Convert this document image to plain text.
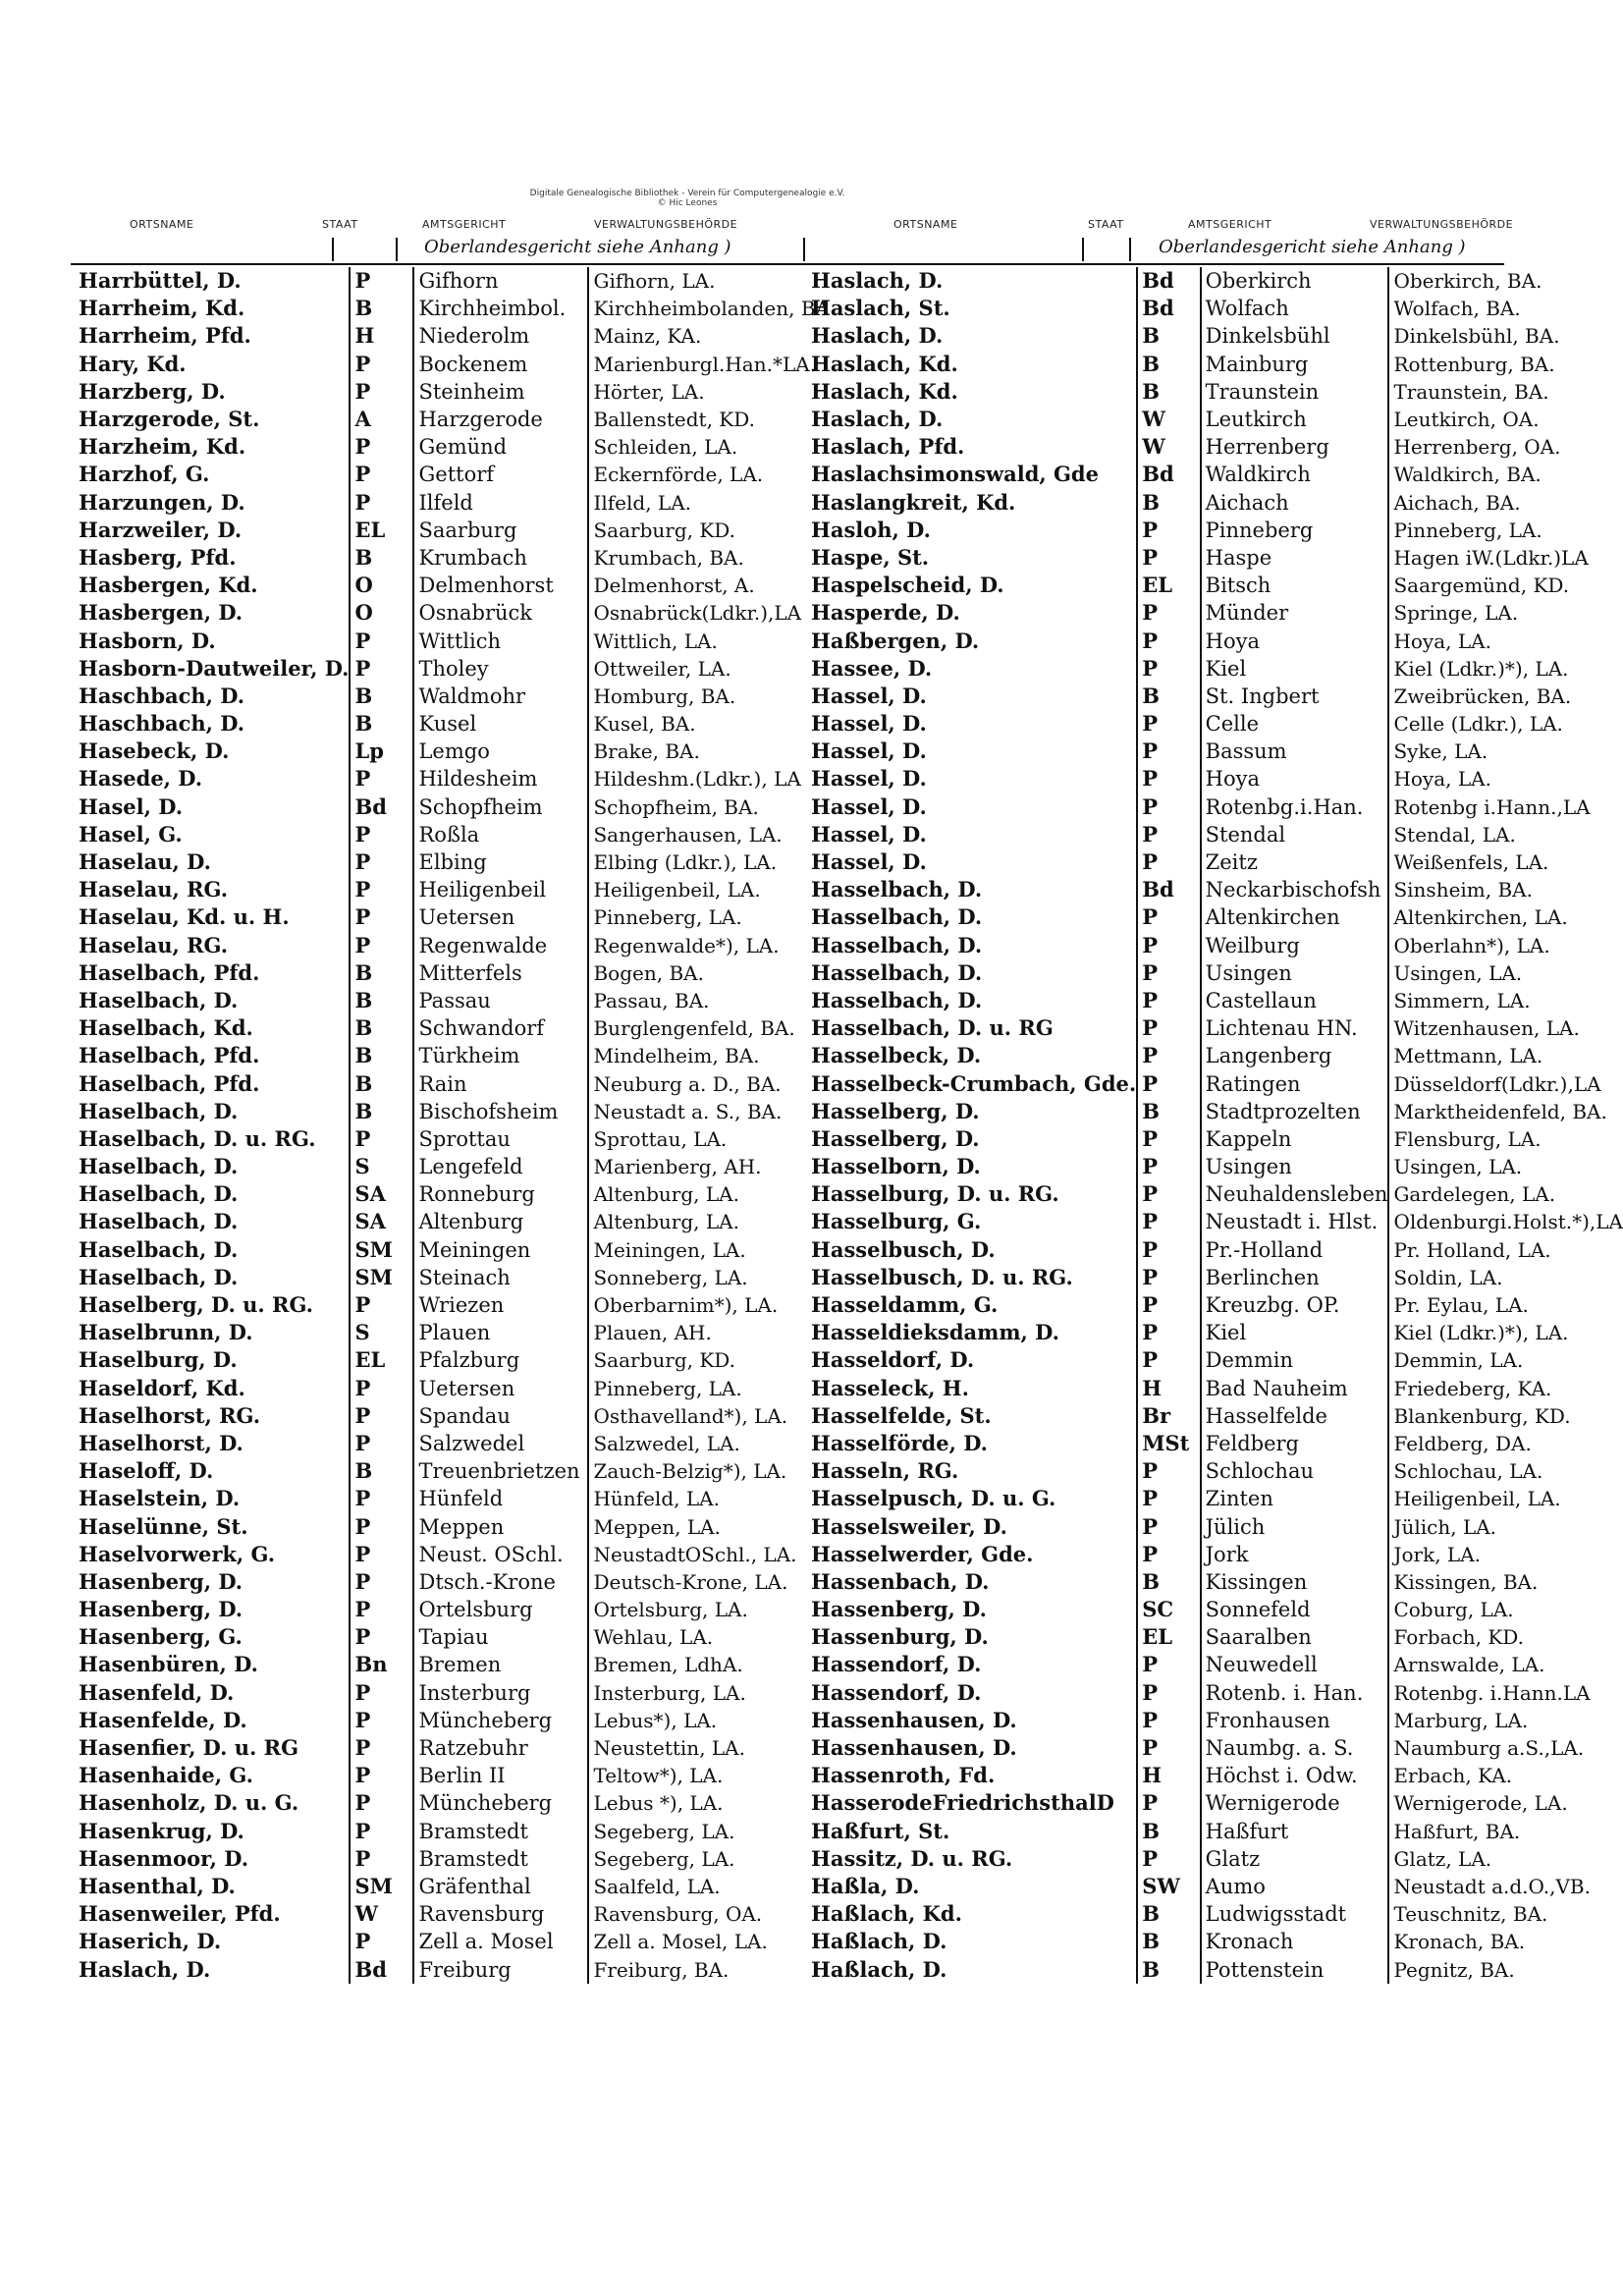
Digitale Genealogische Bibliothek - Verein für Computergenealogie e.V.
© Hic Leones
ORTSNAME	STAAT	AMTSGERICHT	VERWALTUNGSBEHÖRDE	ORTSNAME	STAAT	AMTSGERICHT	VERWALTUNGSBEHÖRDE
Oberlandesgericht siehe Anhang )	Oberlandesgericht siehe Anhang )
Harrbüttel, D.	P	Gifhorn	Gifhorn, LA.
Harrheim, Kd.	B	Kirchheimbol.	Kirchheimbolanden, BA
Harrheim, Pfd.	H	Niederolm	Mainz, KA.
Hary, Kd.	P	Bockenem	Marienburgl.Han.*LA.
Harzberg, D.	P	Steinheim	Hörter, LA.
Harzgerode, St.	A	Harzgerode	Ballenstedt, KD.
Harzheim, Kd.	P	Gemünd	Schleiden, LA.
Harzhof, G.	P	Gettorf	Eckernförde, LA.
Harzungen, D.	P	Ilfeld	Ilfeld, LA.
Harzweiler, D.	EL	Saarburg	Saarburg, KD.
Hasberg, Pfd.	B	Krumbach	Krumbach, BA.
Hasbergen, Kd.	O	Delmenhorst	Delmenhorst, A.
Hasbergen, D.	O	Osnabrück	Osnabrück(Ldkr.),LA
Hasborn, D.	P	Wittlich	Wittlich, LA.
Hasborn-Dautweiler, D.	P	Tholey	Ottweiler, LA.
Haschbach, D.	B	Waldmohr	Homburg, BA.
Haschbach, D.	B	Kusel	Kusel, BA.
Hasebeck, D.	Lp	Lemgo	Brake, BA.
Hasede, D.	P	Hildesheim	Hildeshm.(Ldkr.), LA
Hasel, D.	Bd	Schopfheim	Schopfheim, BA.
Hasel, G.	P	Roßla	Sangerhausen, LA.
Haselau, D.	P	Elbing	Elbing (Ldkr.), LA.
Haselau, RG.	P	Heiligenbeil	Heiligenbeil, LA.
Haselau, Kd. u. H.	P	Uetersen	Pinneberg, LA.
Haselau, RG.	P	Regenwalde	Regenwalde*), LA.
Haselbach, Pfd.	B	Mitterfels	Bogen, BA.
Haselbach, D.	B	Passau	Passau, BA.
Haselbach, Kd.	B	Schwandorf	Burglengenfeld, BA.
Haselbach, Pfd.	B	Türkheim	Mindelheim, BA.
Haselbach, Pfd.	B	Rain	Neuburg a. D., BA.
Haselbach, D.	B	Bischofsheim	Neustadt a. S., BA.
Haselbach, D. u. RG.	P	Sprottau	Sprottau, LA.
Haselbach, D.	S	Lengefeld	Marienberg, AH.
Haselbach, D.	SA	Ronneburg	Altenburg, LA.
Haselbach, D.	SA	Altenburg	Altenburg, LA.
Haselbach, D.	SM	Meiningen	Meiningen, LA.
Haselbach, D.	SM	Steinach	Sonneberg, LA.
Haselberg, D. u. RG.	P	Wriezen	Oberbarnim*), LA.
Haselbrunn, D.	S	Plauen	Plauen, AH.
Haselburg, D.	EL	Pfalzburg	Saarburg, KD.
Haseldorf, Kd.	P	Uetersen	Pinneberg, LA.
Haselhorst, RG.	P	Spandau	Osthavelland*), LA.
Haselhorst, D.	P	Salzwedel	Salzwedel, LA.
Haseloff, D.	B	Treuenbrietzen	Zauch-Belzig*), LA.
Haselstein, D.	P	Hünfeld	Hünfeld, LA.
Haselünne, St.	P	Meppen	Meppen, LA.
Haselvorwerk, G.	P	Neust. OSchl.	NeustadtOSchl., LA.
Hasenberg, D.	P	Dtsch.-Krone	Deutsch-Krone, LA.
Hasenberg, D.	P	Ortelsburg	Ortelsburg, LA.
Hasenberg, G.	P	Tapiau	Wehlau, LA.
Hasenbüren, D.	Bn	Bremen	Bremen, LdhA.
Hasenfeld, D.	P	Insterburg	Insterburg, LA.
Hasenfelde, D.	P	Müncheberg	Lebus*), LA.
Hasenfier, D. u. RG	P	Ratzebuhr	Neustettin, LA.
Hasenhaide, G.	P	Berlin II	Teltow*), LA.
Hasenholz, D. u. G.	P	Müncheberg	Lebus *), LA.
Hasenkrug, D.	P	Bramstedt	Segeberg, LA.
Hasenmoor, D.	P	Bramstedt	Segeberg, LA.
Hasenthal, D.	SM	Gräfenthal	Saalfeld, LA.
Hasenweiler, Pfd.	W	Ravensburg	Ravensburg, OA.
Haserich, D.	P	Zell a. Mosel	Zell a. Mosel, LA.
Haslach, D.	Bd	Freiburg	Freiburg, BA.
Haslach, D.	Bd	Oberkirch	Oberkirch, BA.
Haslach, St.	Bd	Wolfach	Wolfach, BA.
Haslach, D.	B	Dinkelsbühl	Dinkelsbühl, BA.
Haslach, Kd.	B	Mainburg	Rottenburg, BA.
Haslach, Kd.	B	Traunstein	Traunstein, BA.
Haslach, D.	W	Leutkirch	Leutkirch, OA.
Haslach, Pfd.	W	Herrenberg	Herrenberg, OA.
Haslachsimonswald, Gde	Bd	Waldkirch	Waldkirch, BA.
Haslangkreit, Kd.	B	Aichach	Aichach, BA.
Hasloh, D.	P	Pinneberg	Pinneberg, LA.
Haspe, St.	P	Haspe	Hagen iW.(Ldkr.)LA
Haspelscheid, D.	EL	Bitsch	Saargemünd, KD.
Hasperde, D.	P	Münder	Springe, LA.
Haßbergen, D.	P	Hoya	Hoya, LA.
Hassee, D.	P	Kiel	Kiel (Ldkr.)*), LA.
Hassel, D.	B	St. Ingbert	Zweibrücken, BA.
Hassel, D.	P	Celle	Celle (Ldkr.), LA.
Hassel, D.	P	Bassum	Syke, LA.
Hassel, D.	P	Hoya	Hoya, LA.
Hassel, D.	P	Rotenbg.i.Han.	Rotenbg i.Hann.,LA
Hassel, D.	P	Stendal	Stendal, LA.
Hassel, D.	P	Zeitz	Weißenfels, LA.
Hasselbach, D.	Bd	Neckarbischofsh	Sinsheim, BA.
Hasselbach, D.	P	Altenkirchen	Altenkirchen, LA.
Hasselbach, D.	P	Weilburg	Oberlahn*), LA.
Hasselbach, D.	P	Usingen	Usingen, LA.
Hasselbach, D.	P	Castellaun	Simmern, LA.
Hasselbach, D. u. RG	P	Lichtenau HN.	Witzenhausen, LA.
Hasselbeck, D.	P	Langenberg	Mettmann, LA.
Hasselbeck-Crumbach, Gde.	P	Ratingen	Düsseldorf(Ldkr.),LA
Hasselberg, D.	B	Stadtprozelten	Marktheidenfeld, BA.
Hasselberg, D.	P	Kappeln	Flensburg, LA.
Hasselborn, D.	P	Usingen	Usingen, LA.
Hasselburg, D. u. RG.	P	Neuhaldensleben	Gardelegen, LA.
Hasselburg, G.	P	Neustadt i. Hlst.	Oldenburgi.Holst.*),LA
Hasselbusch, D.	P	Pr.-Holland	Pr. Holland, LA.
Hasselbusch, D. u. RG.	P	Berlinchen	Soldin, LA.
Hasseldamm, G.	P	Kreuzbg. OP.	Pr. Eylau, LA.
Hasseldieksdamm, D.	P	Kiel	Kiel (Ldkr.)*), LA.
Hasseldorf, D.	P	Demmin	Demmin, LA.
Hasseleck, H.	H	Bad Nauheim	Friedeberg, KA.
Hasselfelde, St.	Br	Hasselfelde	Blankenburg, KD.
Hasselförde, D.	MSt	Feldberg	Feldberg, DA.
Hasseln, RG.	P	Schlochau	Schlochau, LA.
Hasselpusch, D. u. G.	P	Zinten	Heiligenbeil, LA.
Hasselsweiler, D.	P	Jülich	Jülich, LA.
Hasselwerder, Gde.	P	Jork	Jork, LA.
Hassenbach, D.	B	Kissingen	Kissingen, BA.
Hassenberg, D.	SC	Sonnefeld	Coburg, LA.
Hassenburg, D.	EL	Saaralben	Forbach, KD.
Hassendorf, D.	P	Neuwedell	Arnswalde, LA.
Hassendorf, D.	P	Rotenb. i. Han.	Rotenbg. i.Hann.LA
Hassenhausen, D.	P	Fronhausen	Marburg, LA.
Hassenhausen, D.	P	Naumbg. a. S.	Naumburg a.S.,LA.
Hassenroth, Fd.	H	Höchst i. Odw.	Erbach, KA.
HasserodeFriedrichsthalD	P	Wernigerode	Wernigerode, LA.
Haßfurt, St.	B	Haßfurt	Haßfurt, BA.
Hassitz, D. u. RG.	P	Glatz	Glatz, LA.
Haßla, D.	SW	Aumo	Neustadt a.d.O.,VB.
Haßlach, Kd.	B	Ludwigsstadt	Teuschnitz, BA.
Haßlach, D.	B	Kronach	Kronach, BA.
Haßlach, D.	B	Pottenstein	Pegnitz, BA.
